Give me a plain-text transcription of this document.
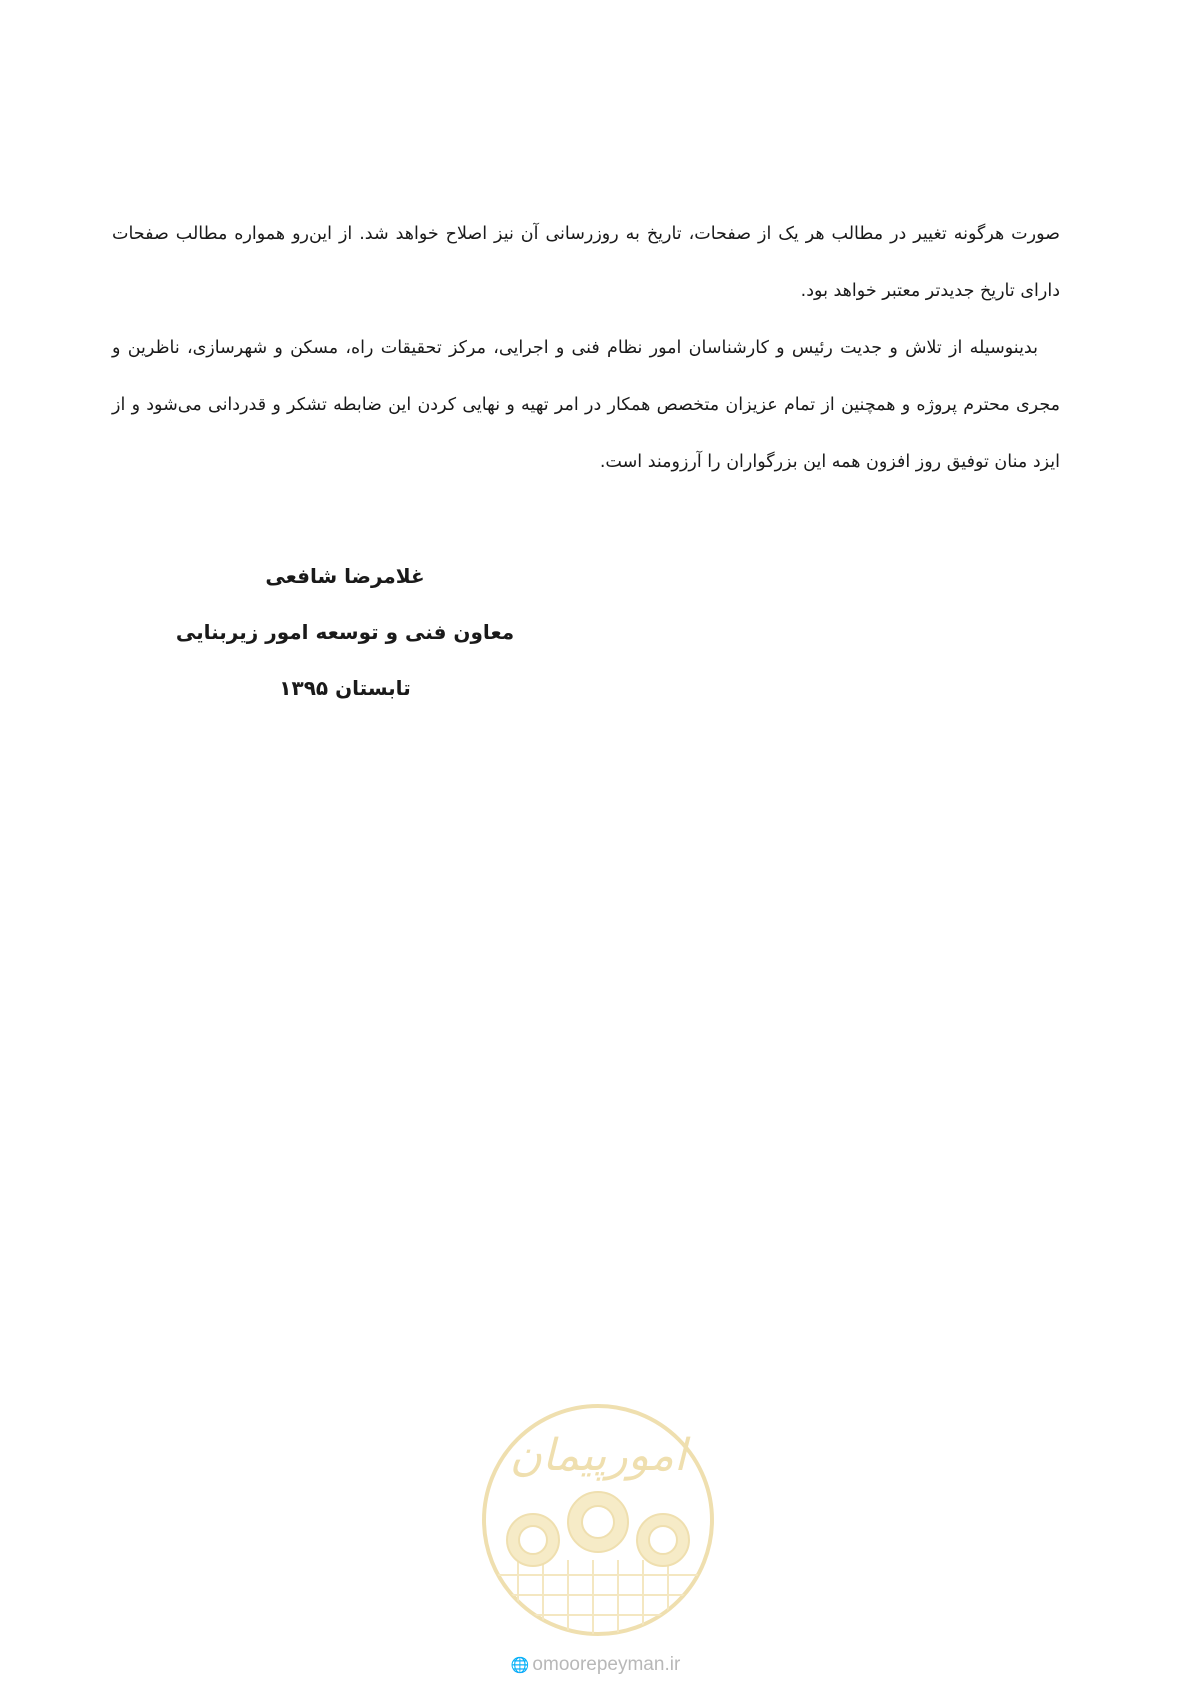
صورت هرگونه تغییر در مطالب هر یک از صفحات، تاریخ به روزرسانی آن نیز اصلاح خواهد شد. از این‌رو همواره مطالب صفحات دارای تاریخ جدیدتر معتبر خواهد بود.

بدینوسیله از تلاش و جدیت رئیس و کارشناسان امور نظام فنی و اجرایی، مرکز تحقیقات راه، مسکن و شهرسازی، ناظرین و مجری محترم پروژه و همچنین از تمام عزیزان متخصص همکار در امر تهیه و نهایی کردن این ضابطه تشکر و قدردانی می‌شود و از ایزد منان توفیق روز افزون همه این بزرگواران را آرزومند است.

غلامرضا شافعی
معاون فنی و توسعه امور زیربنایی
تابستان ۱۳۹۵
امورپیمان
🌐 omoorepeyman.ir
